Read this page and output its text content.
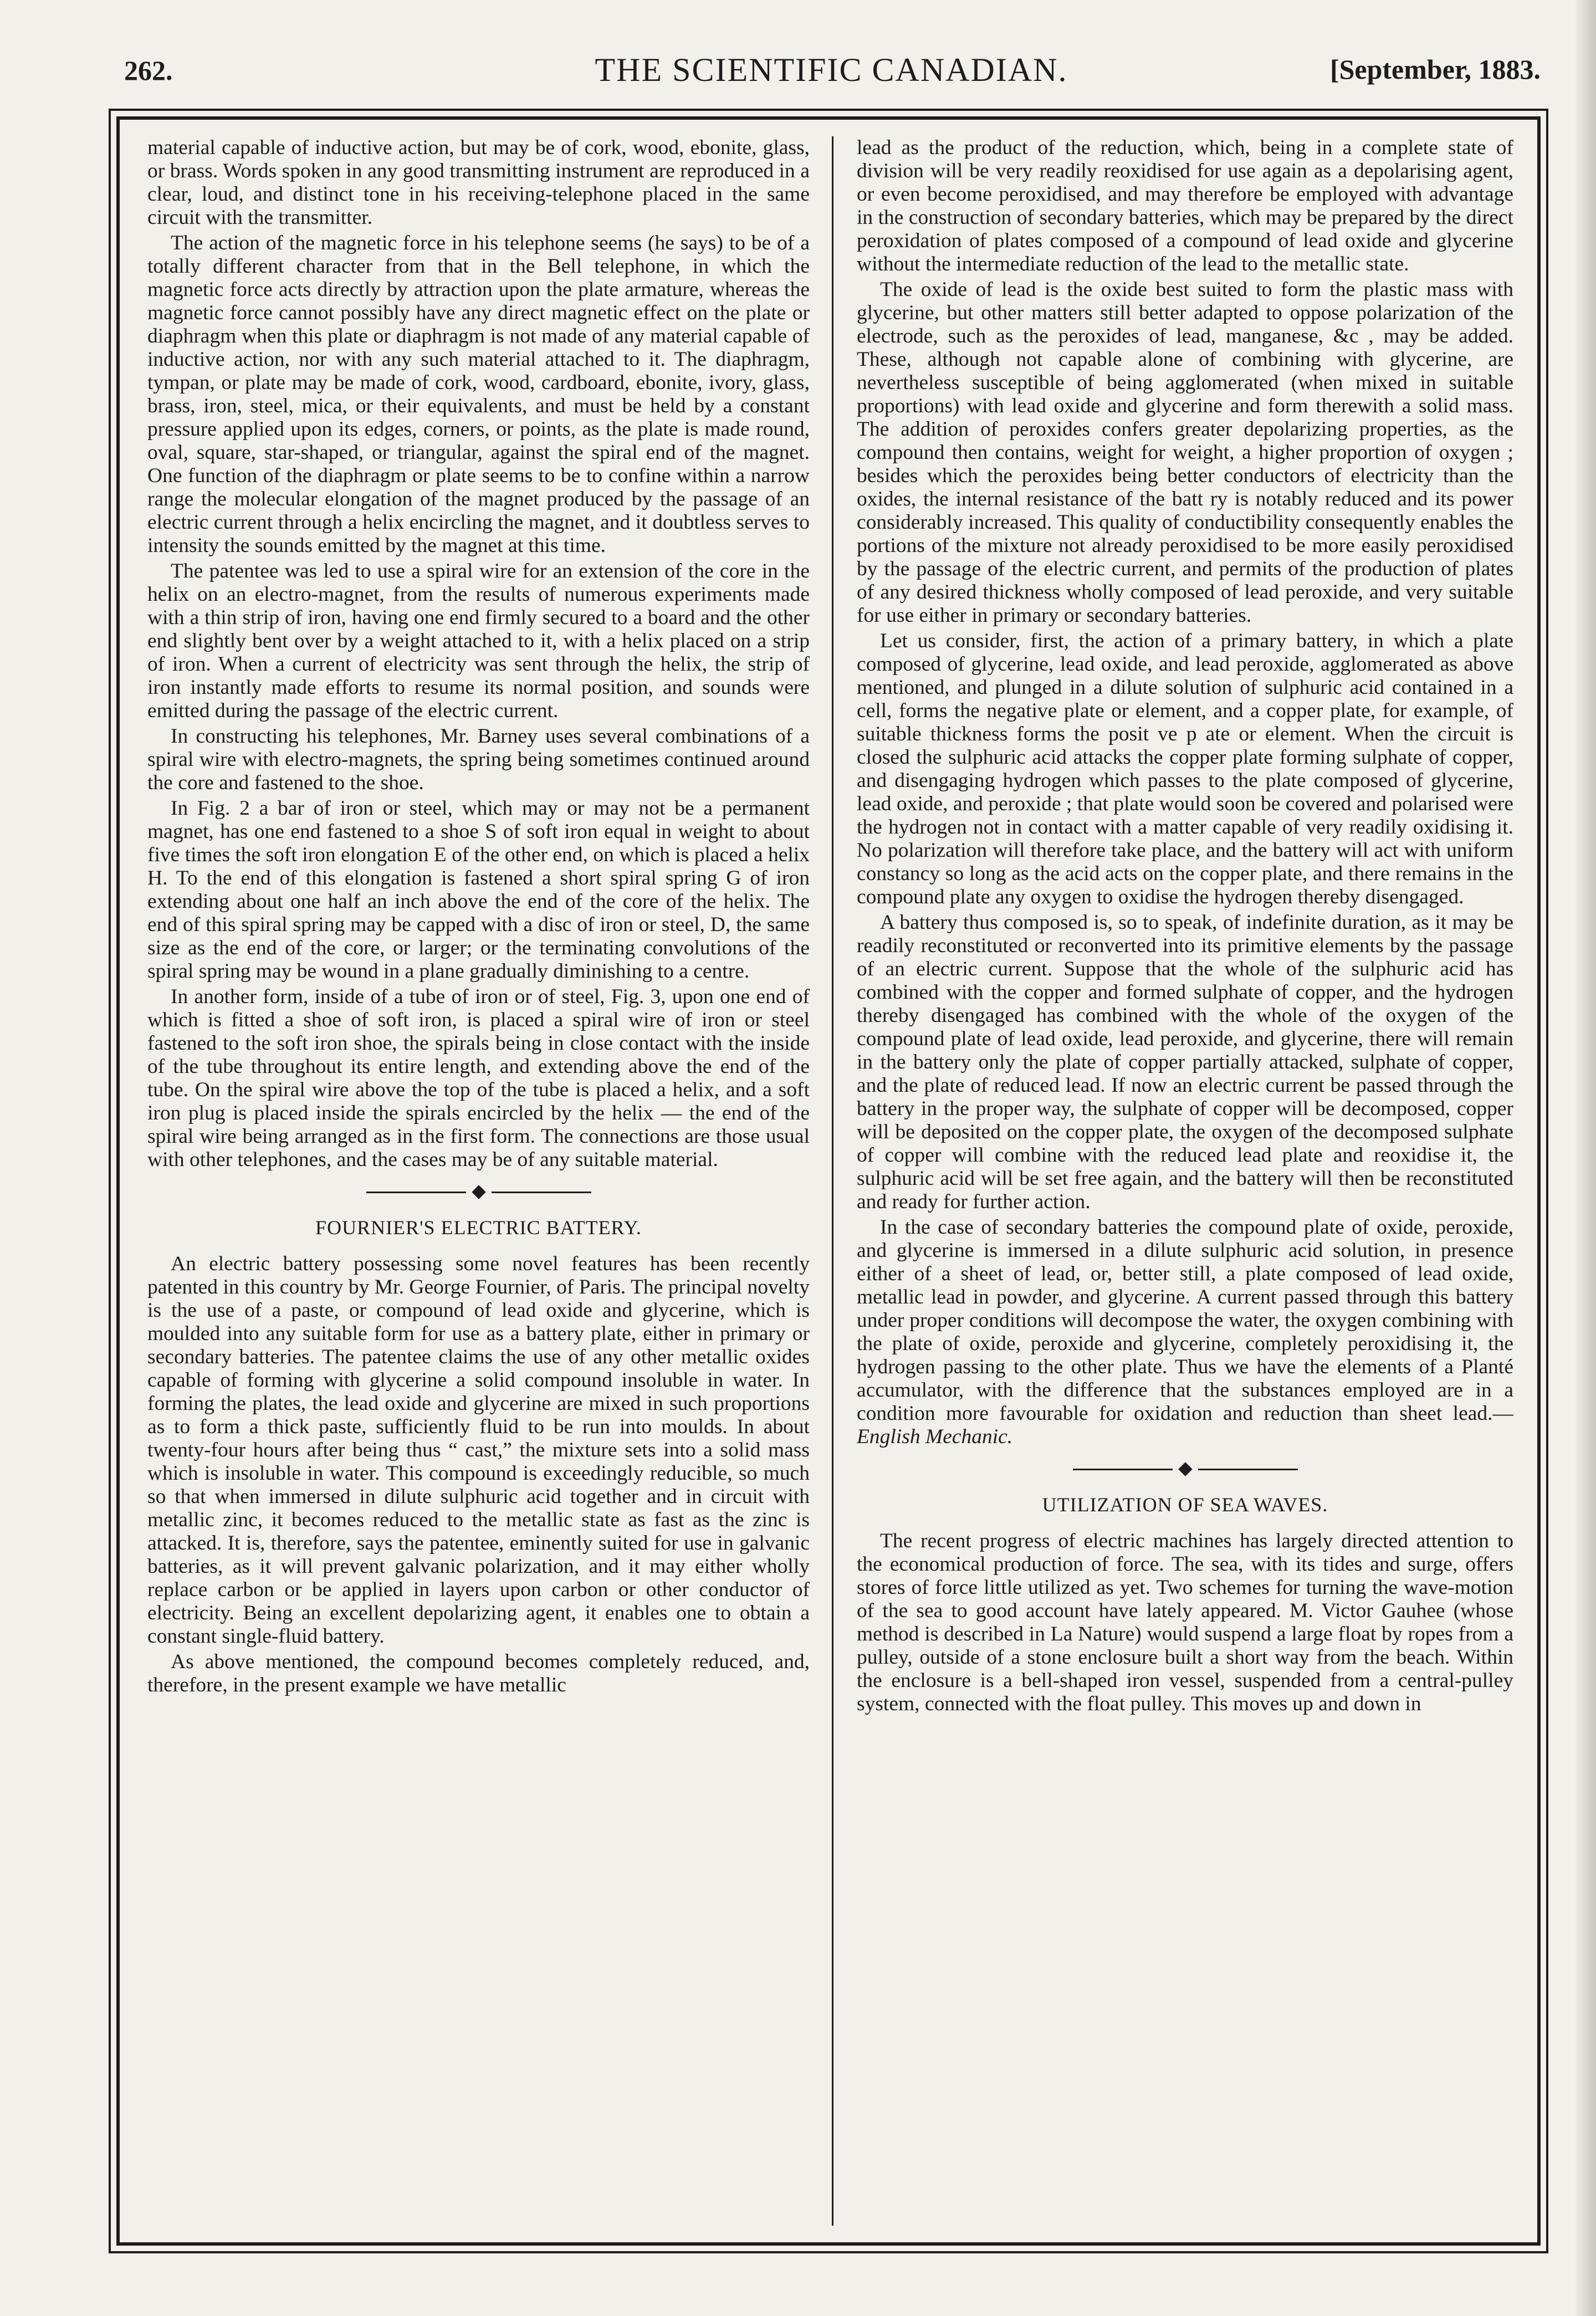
262.	THE SCIENTIFIC CANADIAN.	[September, 1883.

material capable of inductive action, but may be of cork, wood, ebonite, glass, or brass. Words spoken in any good transmitting instrument are reproduced in a clear, loud, and distinct tone in his receiving-telephone placed in the same circuit with the transmitter.

The action of the magnetic force in his telephone seems (he says) to be of a totally different character from that in the Bell telephone, in which the magnetic force acts directly by attraction upon the plate armature, whereas the magnetic force cannot possibly have any direct magnetic effect on the plate or diaphragm when this plate or diaphragm is not made of any material capable of inductive action, nor with any such material attached to it. The diaphragm, tympan, or plate may be made of cork, wood, cardboard, ebonite, ivory, glass, brass, iron, steel, mica, or their equivalents, and must be held by a constant pressure applied upon its edges, corners, or points, as the plate is made round, oval, square, star-shaped, or triangular, against the spiral end of the magnet. One function of the diaphragm or plate seems to be to confine within a narrow range the molecular elongation of the magnet produced by the passage of an electric current through a helix encircling the magnet, and it doubtless serves to intensity the sounds emitted by the magnet at this time.

The patentee was led to use a spiral wire for an extension of the core in the helix on an electro-magnet, from the results of numerous experiments made with a thin strip of iron, having one end firmly secured to a board and the other end slightly bent over by a weight attached to it, with a helix placed on a strip of iron. When a current of electricity was sent through the helix, the strip of iron instantly made efforts to resume its normal position, and sounds were emitted during the passage of the electric current.

In constructing his telephones, Mr. Barney uses several combinations of a spiral wire with electro-magnets, the spring being sometimes continued around the core and fastened to the shoe.

In Fig. 2 a bar of iron or steel, which may or may not be a permanent magnet, has one end fastened to a shoe S of soft iron equal in weight to about five times the soft iron elongation E of the other end, on which is placed a helix H. To the end of this elongation is fastened a short spiral spring G of iron extending about one half an inch above the end of the core of the helix. The end of this spiral spring may be capped with a disc of iron or steel, D, the same size as the end of the core, or larger; or the terminating convolutions of the spiral spring may be wound in a plane gradually diminishing to a centre.

In another form, inside of a tube of iron or of steel, Fig. 3, upon one end of which is fitted a shoe of soft iron, is placed a spiral wire of iron or steel fastened to the soft iron shoe, the spirals being in close contact with the inside of the tube throughout its entire length, and extending above the end of the tube. On the spiral wire above the top of the tube is placed a helix, and a soft iron plug is placed inside the spirals encircled by the helix — the end of the spiral wire being arranged as in the first form. The connections are those usual with other telephones, and the cases may be of any suitable material.

FOURNIER'S ELECTRIC BATTERY.

An electric battery possessing some novel features has been recently patented in this country by Mr. George Fournier, of Paris. The principal novelty is the use of a paste, or compound of lead oxide and glycerine, which is moulded into any suitable form for use as a battery plate, either in primary or secondary batteries. The patentee claims the use of any other metallic oxides capable of forming with glycerine a solid compound insoluble in water. In forming the plates, the lead oxide and glycerine are mixed in such proportions as to form a thick paste, sufficiently fluid to be run into moulds. In about twenty-four hours after being thus “ cast,” the mixture sets into a solid mass which is insoluble in water. This compound is exceedingly reducible, so much so that when immersed in dilute sulphuric acid together and in circuit with metallic zinc, it becomes reduced to the metallic state as fast as the zinc is attacked. It is, therefore, says the patentee, eminently suited for use in galvanic batteries, as it will prevent galvanic polarization, and it may either wholly replace carbon or be applied in layers upon carbon or other conductor of electricity. Being an excellent depolarizing agent, it enables one to obtain a constant single-fluid battery.

As above mentioned, the compound becomes completely reduced, and, therefore, in the present example we have metallic

lead as the product of the reduction, which, being in a complete state of division will be very readily reoxidised for use again as a depolarising agent, or even become peroxidised, and may therefore be employed with advantage in the construction of secondary batteries, which may be prepared by the direct peroxidation of plates composed of a compound of lead oxide and glycerine without the intermediate reduction of the lead to the metallic state.

The oxide of lead is the oxide best suited to form the plastic mass with glycerine, but other matters still better adapted to oppose polarization of the electrode, such as the peroxides of lead, manganese, &c , may be added. These, although not capable alone of combining with glycerine, are nevertheless susceptible of being agglomerated (when mixed in suitable proportions) with lead oxide and glycerine and form therewith a solid mass. The addition of peroxides confers greater depolarizing properties, as the compound then contains, weight for weight, a higher proportion of oxygen ; besides which the peroxides being better conductors of electricity than the oxides, the internal resistance of the batt ry is notably reduced and its power considerably increased. This quality of conductibility consequently enables the portions of the mixture not already peroxidised to be more easily peroxidised by the passage of the electric current, and permits of the production of plates of any desired thickness wholly composed of lead peroxide, and very suitable for use either in primary or secondary batteries.

Let us consider, first, the action of a primary battery, in which a plate composed of glycerine, lead oxide, and lead peroxide, agglomerated as above mentioned, and plunged in a dilute solution of sulphuric acid contained in a cell, forms the negative plate or element, and a copper plate, for example, of suitable thickness forms the posit ve p ate or element. When the circuit is closed the sulphuric acid attacks the copper plate forming sulphate of copper, and disengaging hydrogen which passes to the plate composed of glycerine, lead oxide, and peroxide ; that plate would soon be covered and polarised were the hydrogen not in contact with a matter capable of very readily oxidising it. No polarization will therefore take place, and the battery will act with uniform constancy so long as the acid acts on the copper plate, and there remains in the compound plate any oxygen to oxidise the hydrogen thereby disengaged.

A battery thus composed is, so to speak, of indefinite duration, as it may be readily reconstituted or reconverted into its primitive elements by the passage of an electric current. Suppose that the whole of the sulphuric acid has combined with the copper and formed sulphate of copper, and the hydrogen thereby disengaged has combined with the whole of the oxygen of the compound plate of lead oxide, lead peroxide, and glycerine, there will remain in the battery only the plate of copper partially attacked, sulphate of copper, and the plate of reduced lead. If now an electric current be passed through the battery in the proper way, the sulphate of copper will be decomposed, copper will be deposited on the copper plate, the oxygen of the decomposed sulphate of copper will combine with the reduced lead plate and reoxidise it, the sulphuric acid will be set free again, and the battery will then be reconstituted and ready for further action.

In the case of secondary batteries the compound plate of oxide, peroxide, and glycerine is immersed in a dilute sulphuric acid solution, in presence either of a sheet of lead, or, better still, a plate composed of lead oxide, metallic lead in powder, and glycerine. A current passed through this battery under proper conditions will decompose the water, the oxygen combining with the plate of oxide, peroxide and glycerine, completely peroxidising it, the hydrogen passing to the other plate. Thus we have the elements of a Planté accumulator, with the difference that the substances employed are in a condition more favourable for oxidation and reduction than sheet lead.—English Mechanic.

UTILIZATION OF SEA WAVES.

The recent progress of electric machines has largely directed attention to the economical production of force. The sea, with its tides and surge, offers stores of force little utilized as yet. Two schemes for turning the wave-motion of the sea to good account have lately appeared. M. Victor Gauhee (whose method is described in La Nature) would suspend a large float by ropes from a pulley, outside of a stone enclosure built a short way from the beach. Within the enclosure is a bell-shaped iron vessel, suspended from a central-pulley system, connected with the float pulley. This moves up and down in
